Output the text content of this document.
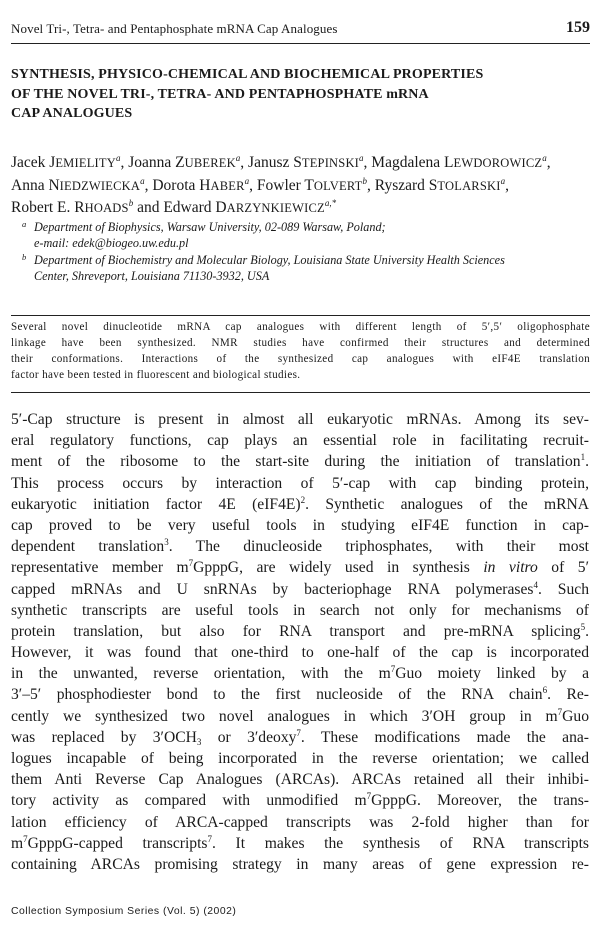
Novel Tri-, Tetra- and Pentaphosphate mRNA Cap Analogues	159
SYNTHESIS, PHYSICO-CHEMICAL AND BIOCHEMICAL PROPERTIES
OF THE NOVEL TRI-, TETRA- AND PENTAPHOSPHATE mRNA
CAP ANALOGUES
Jacek JEMIELITY$^a$, Joanna ZUBEREK$^a$, Janusz STEPINSKI$^a$, Magdalena LEWDOROWICZ$^a$,
Anna NIEDZWIECKA$^a$, Dorota HABER$^a$, Fowler TOLVERT$^b$, Ryszard STOLARSKI$^a$,
Robert E. RHOADS$^b$ and Edward $DARZYNKIEWICZ^{a,*}$
a Department of Biophysics, Warsaw University, 02-089 Warsaw, Poland;
e-mail: edek@biogeo.uw.edu.pl
b Department of Biochemistry and Molecular Biology, Louisiana State University Health Sciences
Center, Shreveport, Louisiana 71130-3932, USA
Several novel dinucleotide mRNA cap analogues with different length of 5′,5′ oligophosphate
linkage have been synthesized. NMR studies have confirmed their structures and determined
their conformations. Interactions of the synthesized cap analogues with eIF4E translation
factor have been tested in fluorescent and biological studies.
5′-Cap structure is present in almost all eukaryotic mRNAs. Among its sev-
eral regulatory functions, cap plays an essential role in facilitating recruit-
ment of the ribosome to the start-site during the initiation of translation$^1$.
This process occurs by interaction of 5′-cap with cap binding protein,
eukaryotic initiation factor 4E $(eIF4E)^2$. Synthetic analogues of the mRNA
cap proved to be very useful tools in studying eIF4E function in cap-
dependent translation$^3$. The dinucleoside triphosphates, with their most
representative member $m^7GpppG$, are widely used in synthesis in vitro of 5′
capped mRNAs and U snRNAs by bacteriophage RNA polymerases$^4$. Such
synthetic transcripts are useful tools in search not only for mechanisms of
protein translation, but also for RNA transport and pre-mRNA splicing$^5$.
However, it was found that one-third to one-half of the cap is incorporated
in the unwanted, reverse orientation, with the $m^7Guo$ moiety linked by a
3′–5′ phosphodiester bond to the first nucleoside of the RNA chain$^6$. Re-
cently we synthesized two novel analogues in which 3′OH group in $m^7Guo$
was replaced by $3'OCH_3$ or 3′deoxy$^7$. These modifications made the ana-
logues incapable of being incorporated in the reverse orientation; we called
them Anti Reverse Cap Analogues (ARCAs). ARCAs retained all their inhibi-
tory activity as compared with unmodified $m^7GpppG$. Moreover, the trans-
lation efficiency of ARCA-capped transcripts was 2-fold higher than for
$m^7GpppG$-capped transcripts$^7$. It makes the synthesis of RNA transcripts
containing ARCAs promising strategy in many areas of gene expression re-
Collection Symposium Series (Vol. 5) (2002)
